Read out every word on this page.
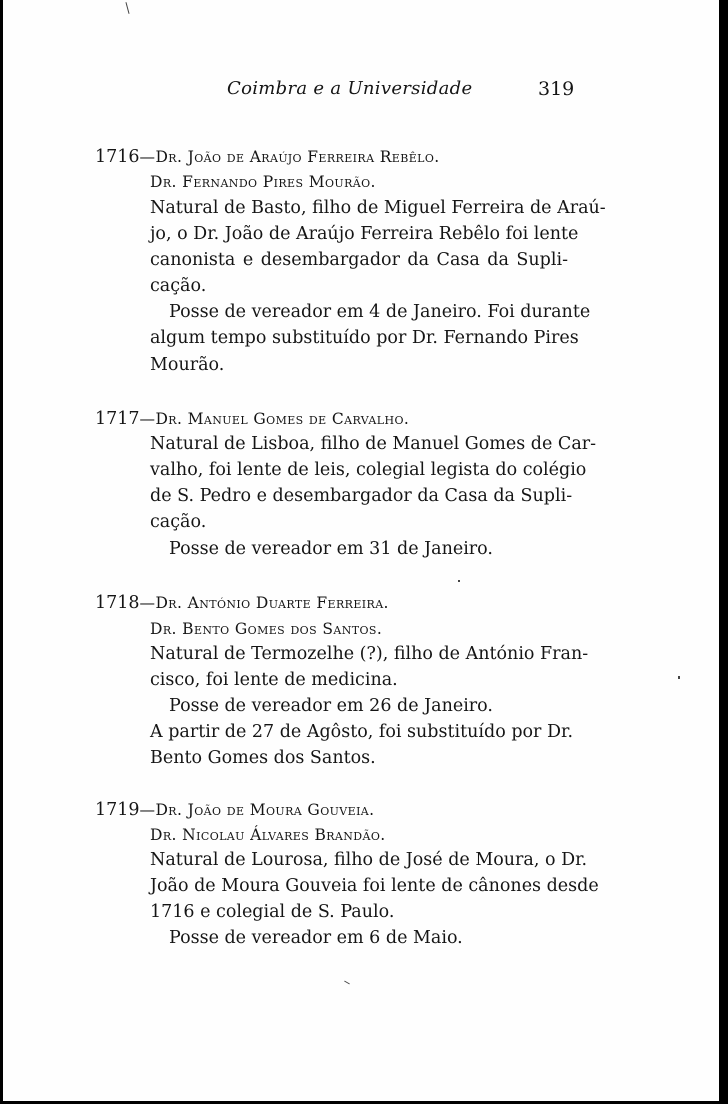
Coimbra e a Universidade	319
1716—Dr. João de Araújo Ferreira Rebêlo.
Dr. Fernando Pires Mourão.
Natural de Basto, filho de Miguel Ferreira de Araú-
jo, o Dr. João de Araújo Ferreira Rebêlo foi lente
canonista e desembargador da Casa da Supli-
cação.
Posse de vereador em 4 de Janeiro. Foi durante
algum tempo substituído por Dr. Fernando Pires
Mourão.
1717—Dr. Manuel Gomes de Carvalho.
Natural de Lisboa, filho de Manuel Gomes de Car-
valho, foi lente de leis, colegial legista do colégio
de S. Pedro e desembargador da Casa da Supli-
cação.
Posse de vereador em 31 de Janeiro.
1718—Dr. António Duarte Ferreira.
Dr. Bento Gomes dos Santos.
Natural de Termozelhe (?), filho de António Fran-
cisco, foi lente de medicina.
Posse de vereador em 26 de Janeiro.
A partir de 27 de Agôsto, foi substituído por Dr.
Bento Gomes dos Santos.
1719—Dr. João de Moura Gouveia.
Dr. Nicolau Álvares Brandão.
Natural de Lourosa, filho de José de Moura, o Dr.
João de Moura Gouveia foi lente de cânones desde
1716 e colegial de S. Paulo.
Posse de vereador em 6 de Maio.
